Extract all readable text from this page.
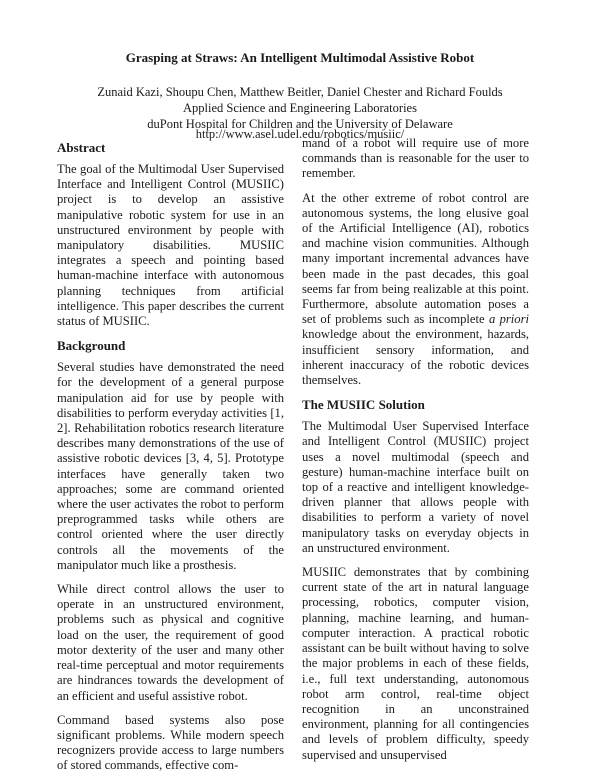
Grasping at Straws: An Intelligent Multimodal Assistive Robot
Zunaid Kazi, Shoupu Chen, Matthew Beitler, Daniel Chester and Richard Foulds
Applied Science and Engineering Laboratories
duPont Hospital for Children and the University of Delaware
http://www.asel.udel.edu/robotics/musiic/
Abstract

The goal of the Multimodal User Supervised Interface and Intelligent Control (MUSIIC) project is to develop an assistive manipulative robotic system for use in an unstructured environment by people with manipulatory disabilities. MUSIIC integrates a speech and pointing based human-machine interface with autonomous planning techniques from artificial intelligence. This paper describes the current status of MUSIIC.

Background

Several studies have demonstrated the need for the development of a general purpose manipulation aid for use by people with disabilities to perform everyday activities [1, 2]. Rehabilitation robotics research literature describes many demonstrations of the use of assistive robotic devices [3, 4, 5]. Prototype interfaces have generally taken two approaches; some are command oriented where the user activates the robot to perform preprogrammed tasks while others are control oriented where the user directly controls all the movements of the manipulator much like a prosthesis.

While direct control allows the user to operate in an unstructured environment, problems such as physical and cognitive load on the user, the requirement of good motor dexterity of the user and many other real-time perceptual and motor requirements are hindrances towards the development of an efficient and useful assistive robot.

Command based systems also pose significant problems. While modern speech recognizers provide access to large numbers of stored commands, effective com-

mand of a robot will require use of more commands than is reasonable for the user to remember.

At the other extreme of robot control are autonomous systems, the long elusive goal of the Artificial Intelligence (AI), robotics and machine vision communities. Although many important incremental advances have been made in the past decades, this goal seems far from being realizable at this point. Furthermore, absolute automation poses a set of problems such as incomplete a priori knowledge about the environment, hazards, insufficient sensory information, and inherent inaccuracy of the robotic devices themselves.

The MUSIIC Solution

The Multimodal User Supervised Interface and Intelligent Control (MUSIIC) project uses a novel multimodal (speech and gesture) human-machine interface built on top of a reactive and intelligent knowledge-driven planner that allows people with disabilities to perform a variety of novel manipulatory tasks on everyday objects in an unstructured environment.

MUSIIC demonstrates that by combining current state of the art in natural language processing, robotics, computer vision, planning, machine learning, and human-computer interaction. A practical robotic assistant can be built without having to solve the major problems in each of these fields, i.e., full text understanding, autonomous robot arm control, real-time object recognition in an unconstrained environment, planning for all contingencies and levels of problem difficulty, speedy supervised and unsupervised
